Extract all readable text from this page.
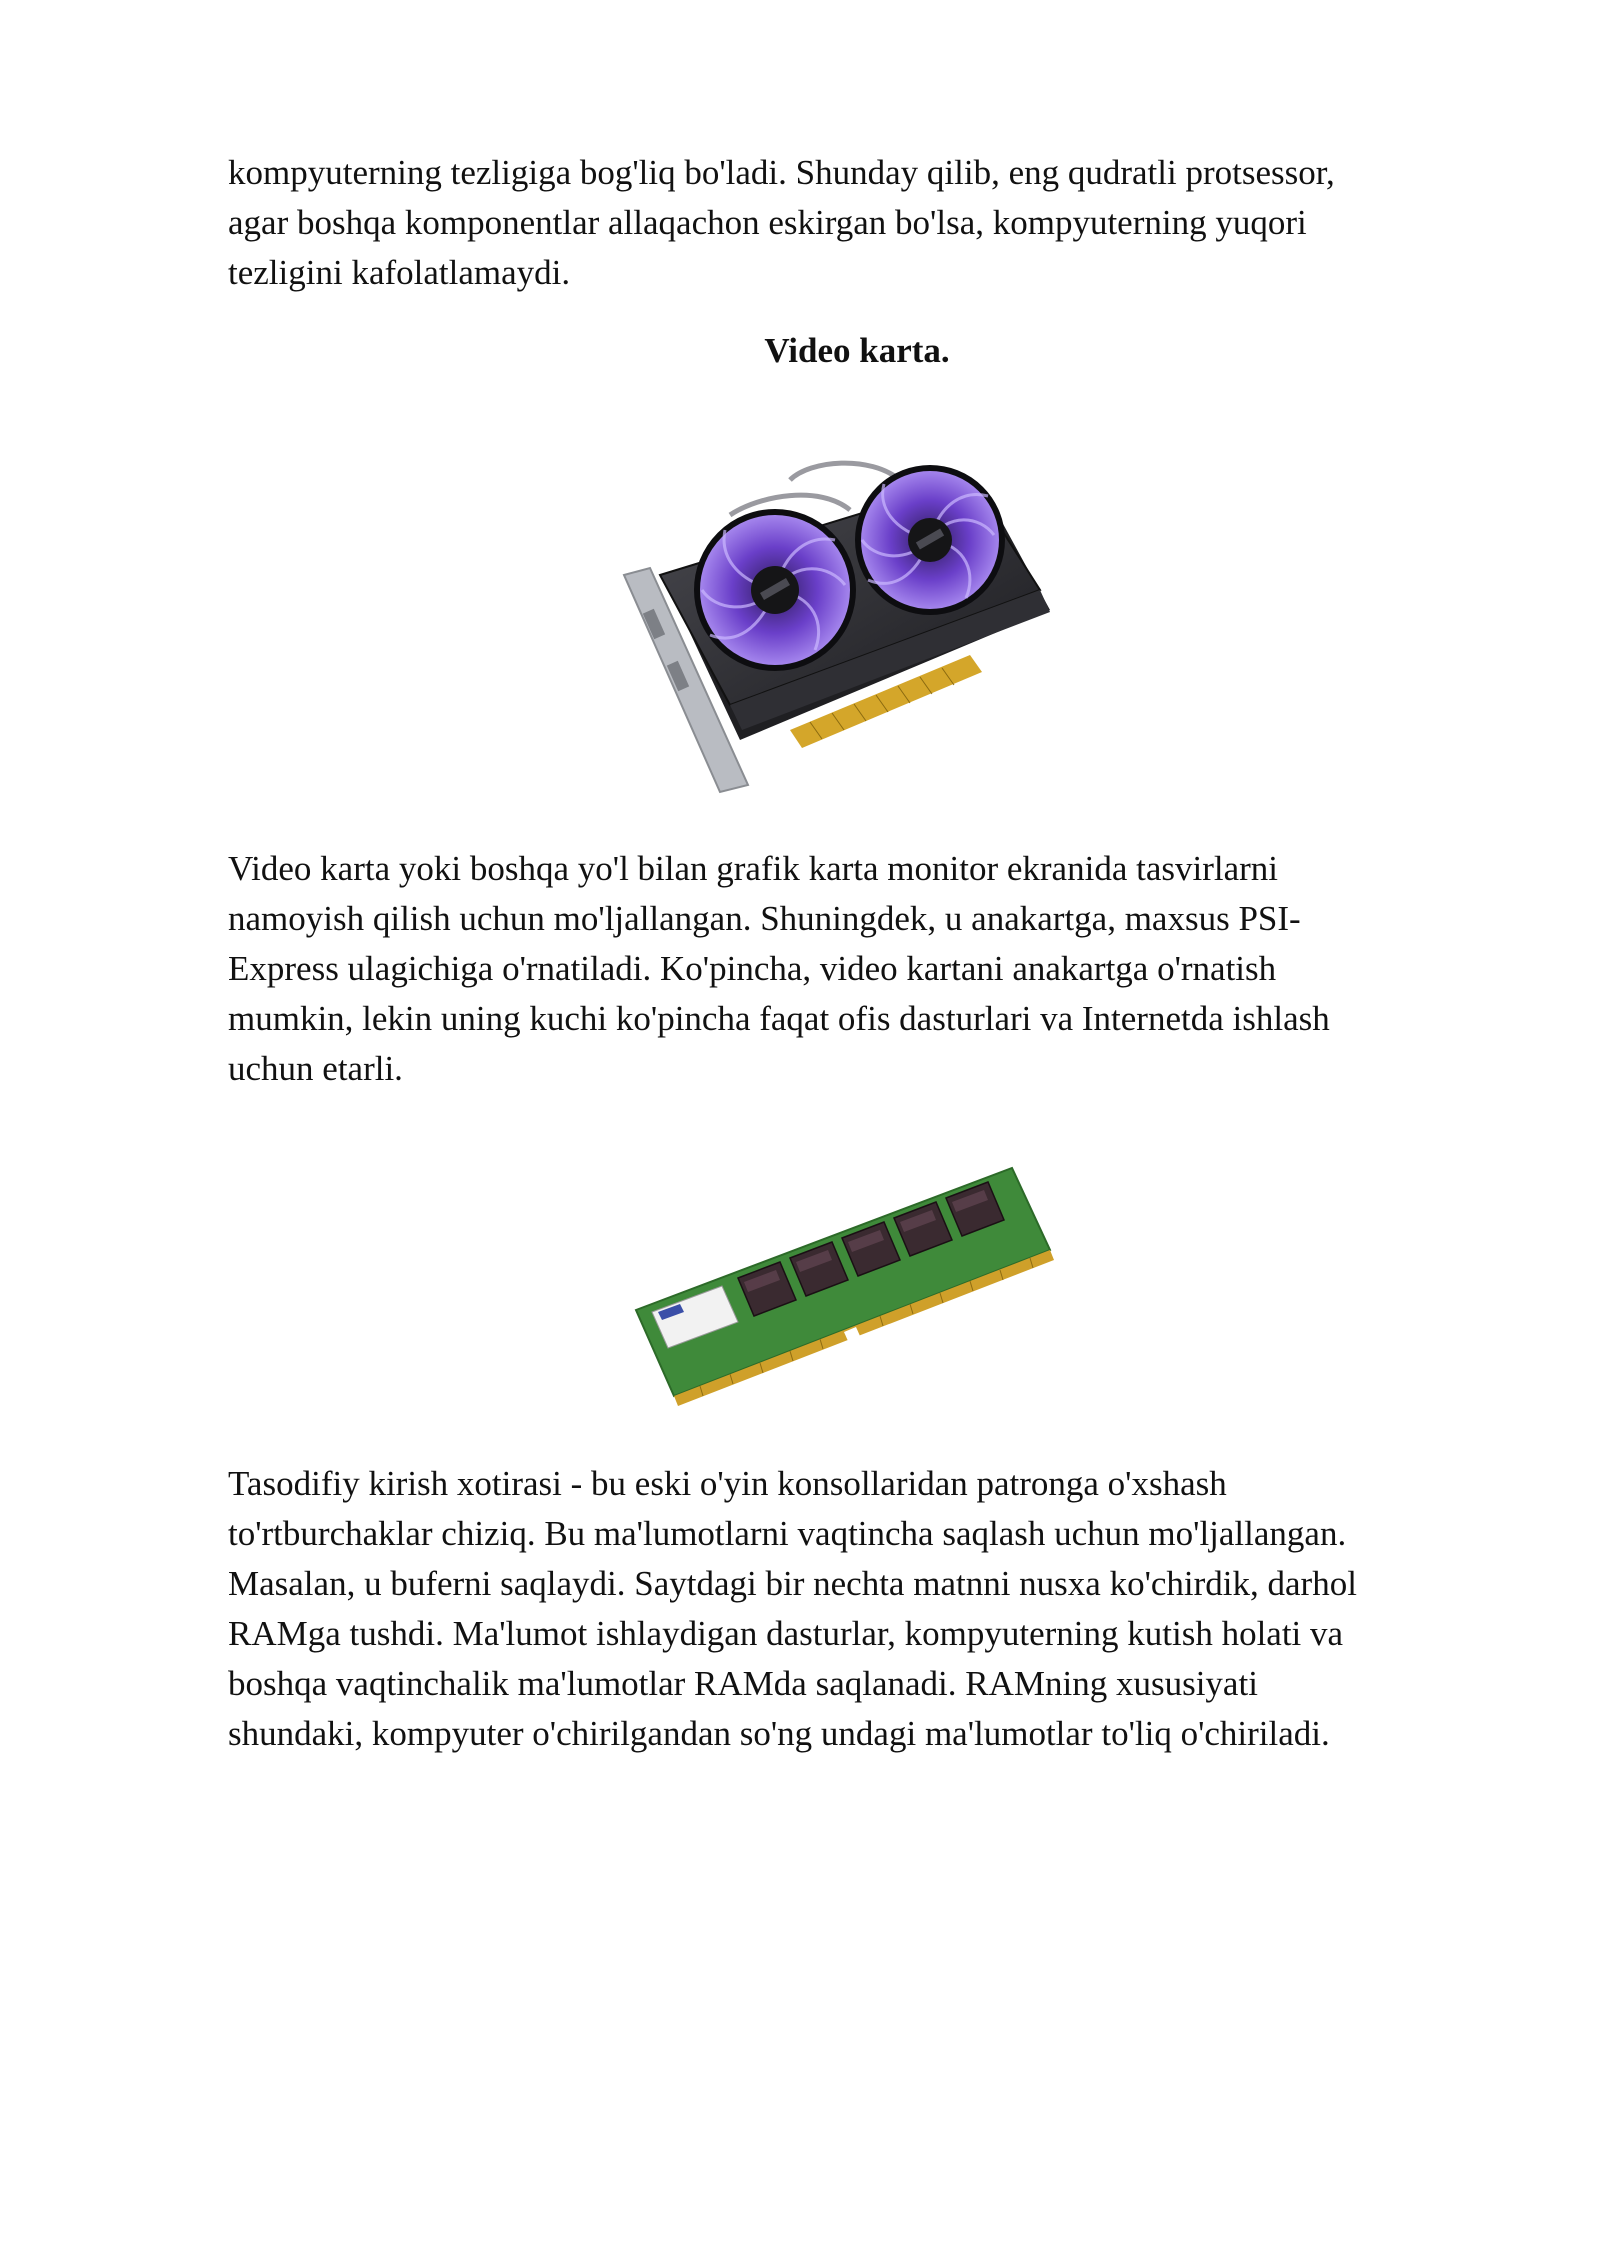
kompyuterning tezligiga bog'liq bo'ladi. Shunday qilib, eng qudratli protsessor,
agar boshqa komponentlar allaqachon eskirgan bo'lsa, kompyuterning yuqori
tezligini kafolatlamaydi.

Video karta.

Video karta yoki boshqa yo'l bilan grafik karta monitor ekranida tasvirlarni
namoyish qilish uchun mo'ljallangan. Shuningdek, u anakartga, maxsus PSI-
Express ulagichiga o'rnatiladi. Ko'pincha, video kartani anakartga o'rnatish
mumkin, lekin uning kuchi ko'pincha faqat ofis dasturlari va Internetda ishlash
uchun etarli.

Tasodifiy kirish xotirasi - bu eski o'yin konsollaridan patronga o'xshash
to'rtburchaklar chiziq. Bu ma'lumotlarni vaqtincha saqlash uchun mo'ljallangan.
Masalan, u buferni saqlaydi. Saytdagi bir nechta matnni nusxa ko'chirdik, darhol
RAMga tushdi. Ma'lumot ishlaydigan dasturlar, kompyuterning kutish holati va
boshqa vaqtinchalik ma'lumotlar RAMda saqlanadi. RAMning xususiyati
shundaki, kompyuter o'chirilgandan so'ng undagi ma'lumotlar to'liq o'chiriladi.
